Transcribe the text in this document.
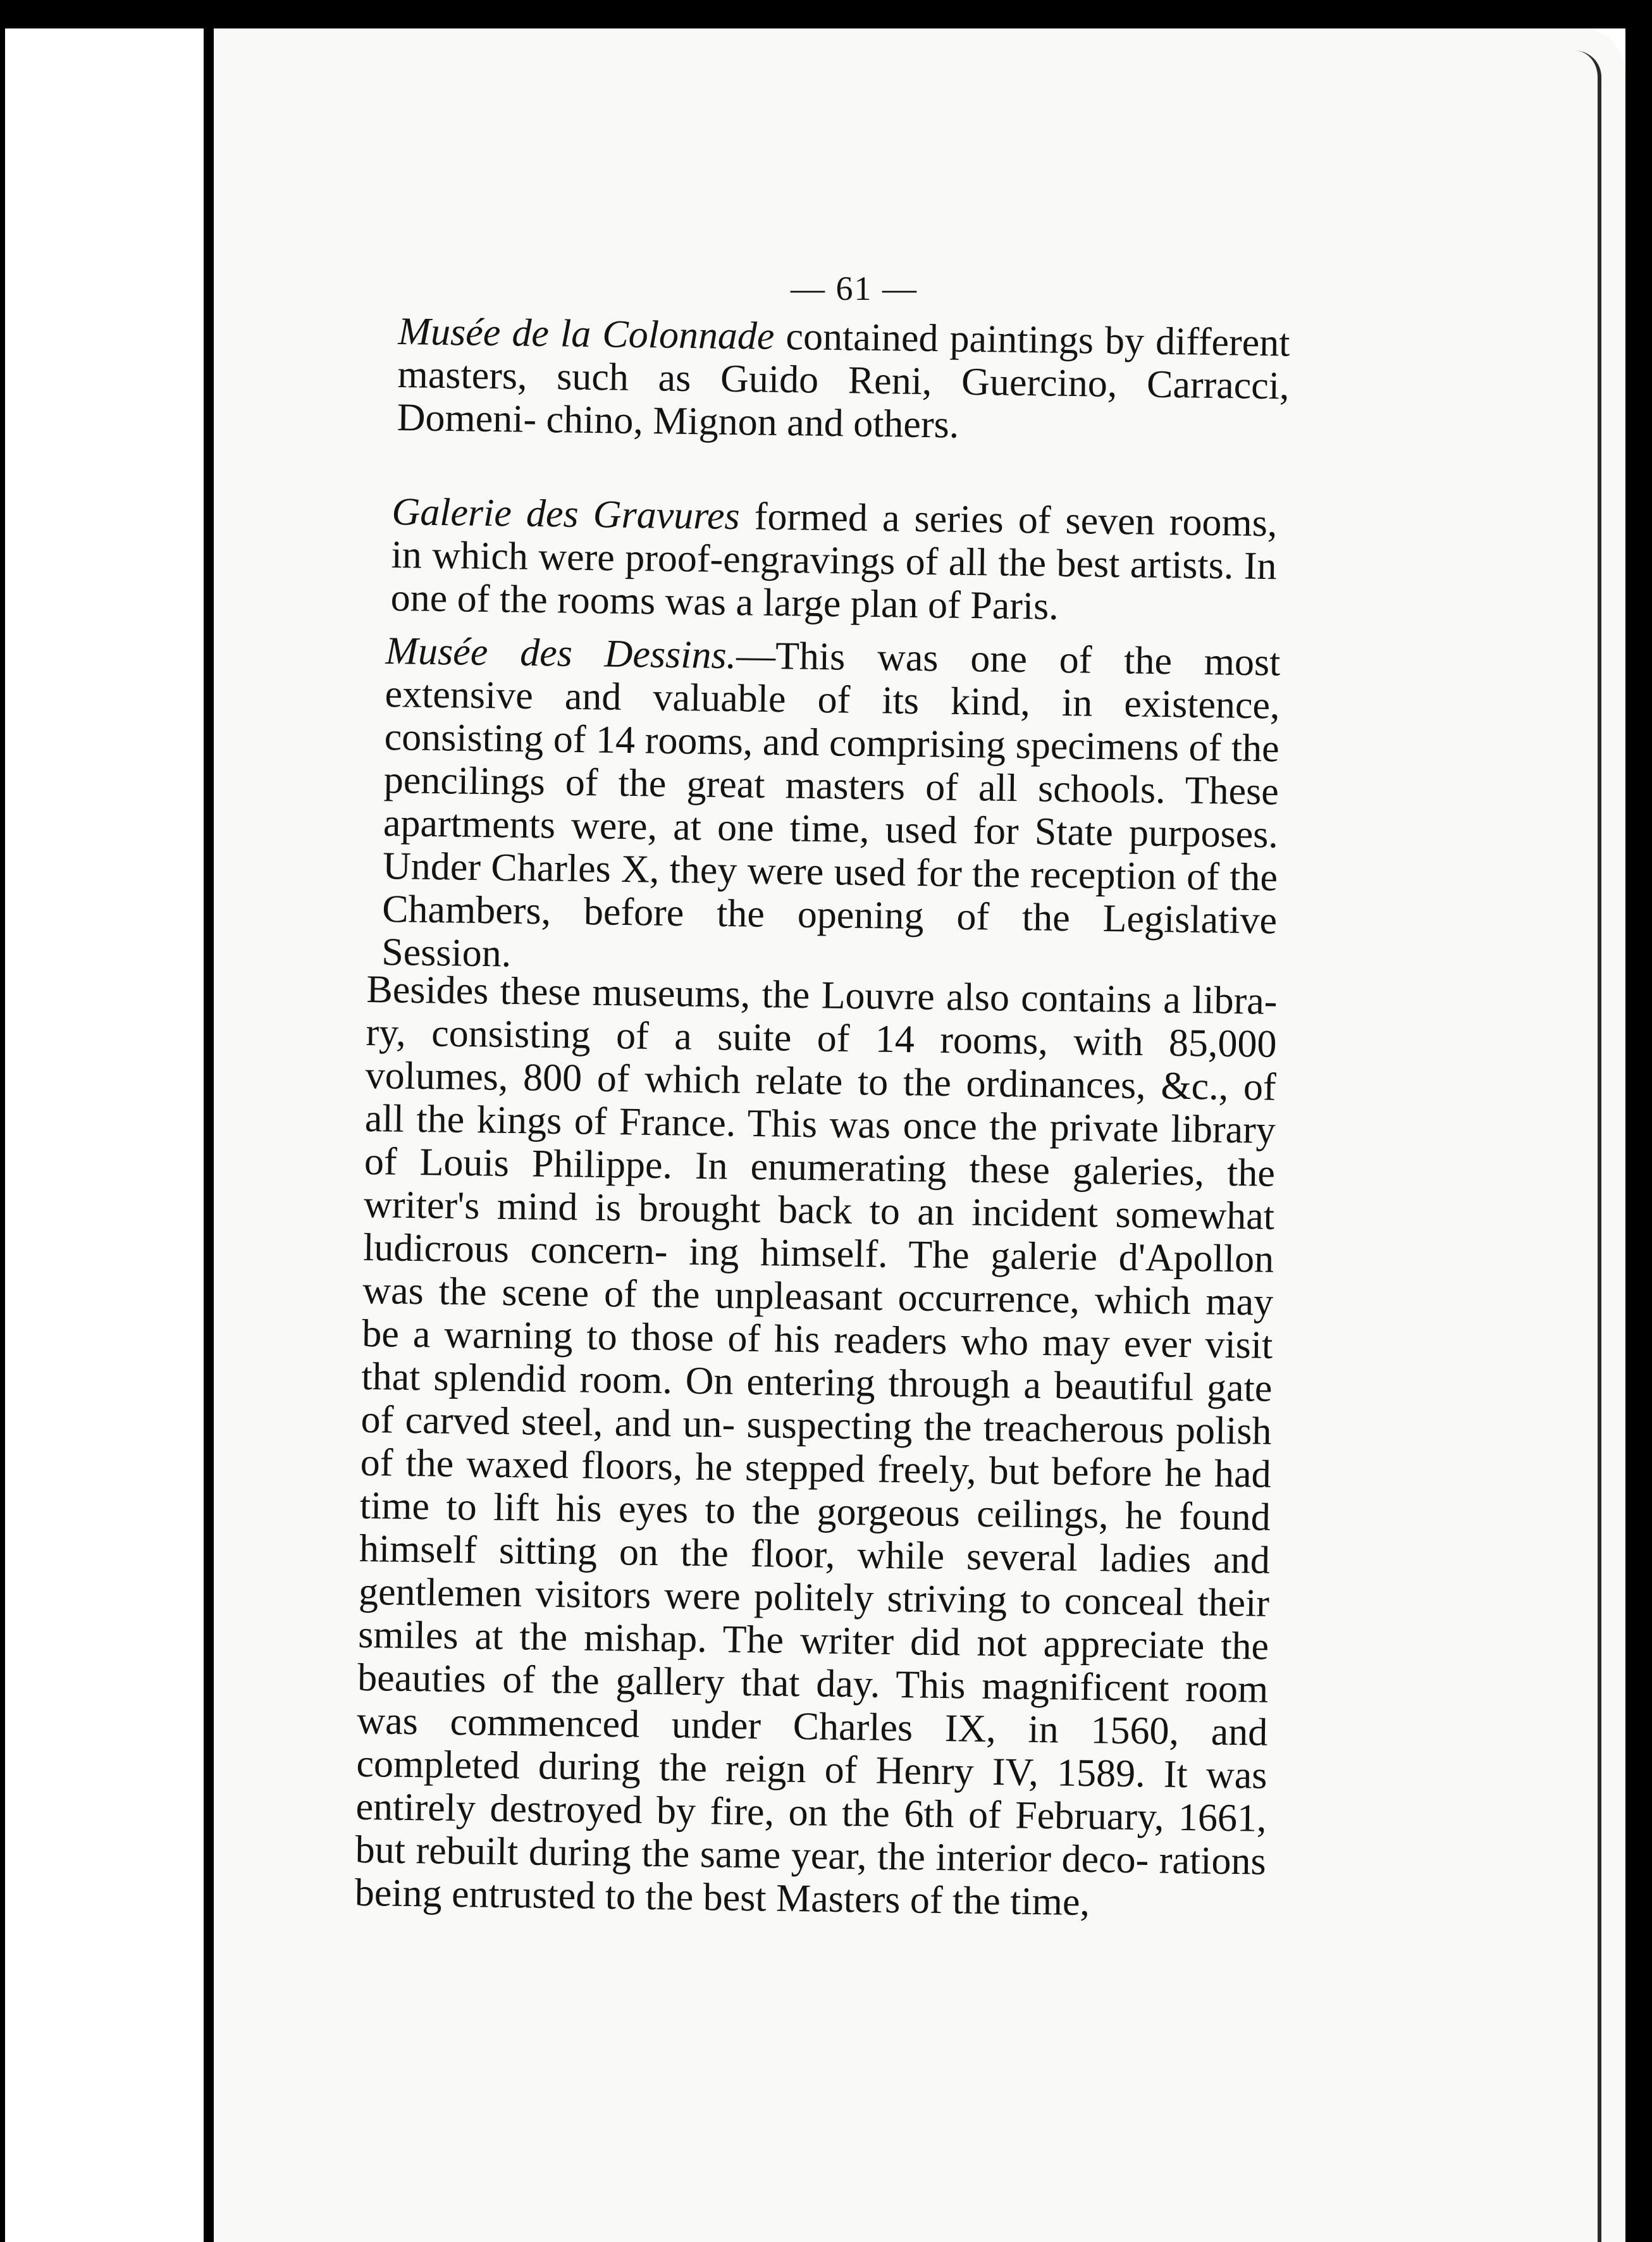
— 61 —
Musée de la Colonnade contained paintings by different masters, such as Guido Reni, Guercino, Carracci, Domeni- chino, Mignon and others.
Galerie des Gravures formed a series of seven rooms, in which were proof-engravings of all the best artists. In one of the rooms was a large plan of Paris.
Musée des Dessins.—This was one of the most extensive and valuable of its kind, in existence, consisting of 14 rooms, and comprising specimens of the pencilings of the great masters of all schools. These apartments were, at one time, used for State purposes. Under Charles X, they were used for the reception of the Chambers, before the opening of the Legislative Session.
Besides these museums, the Louvre also contains a libra- ry, consisting of a suite of 14 rooms, with 85,000 volumes, 800 of which relate to the ordinances, &c., of all the kings of France. This was once the private library of Louis Philippe. In enumerating these galeries, the writer's mind is brought back to an incident somewhat ludicrous concern- ing himself. The galerie d'Apollon was the scene of the unpleasant occurrence, which may be a warning to those of his readers who may ever visit that splendid room. On entering through a beautiful gate of carved steel, and un- suspecting the treacherous polish of the waxed floors, he stepped freely, but before he had time to lift his eyes to the gorgeous ceilings, he found himself sitting on the floor, while several ladies and gentlemen visitors were politely striving to conceal their smiles at the mishap. The writer did not appreciate the beauties of the gallery that day. This magnificent room was commenced under Charles IX, in 1560, and completed during the reign of Henry IV, 1589. It was entirely destroyed by fire, on the 6th of February, 1661, but rebuilt during the same year, the interior deco- rations being entrusted to the best Masters of the time,
